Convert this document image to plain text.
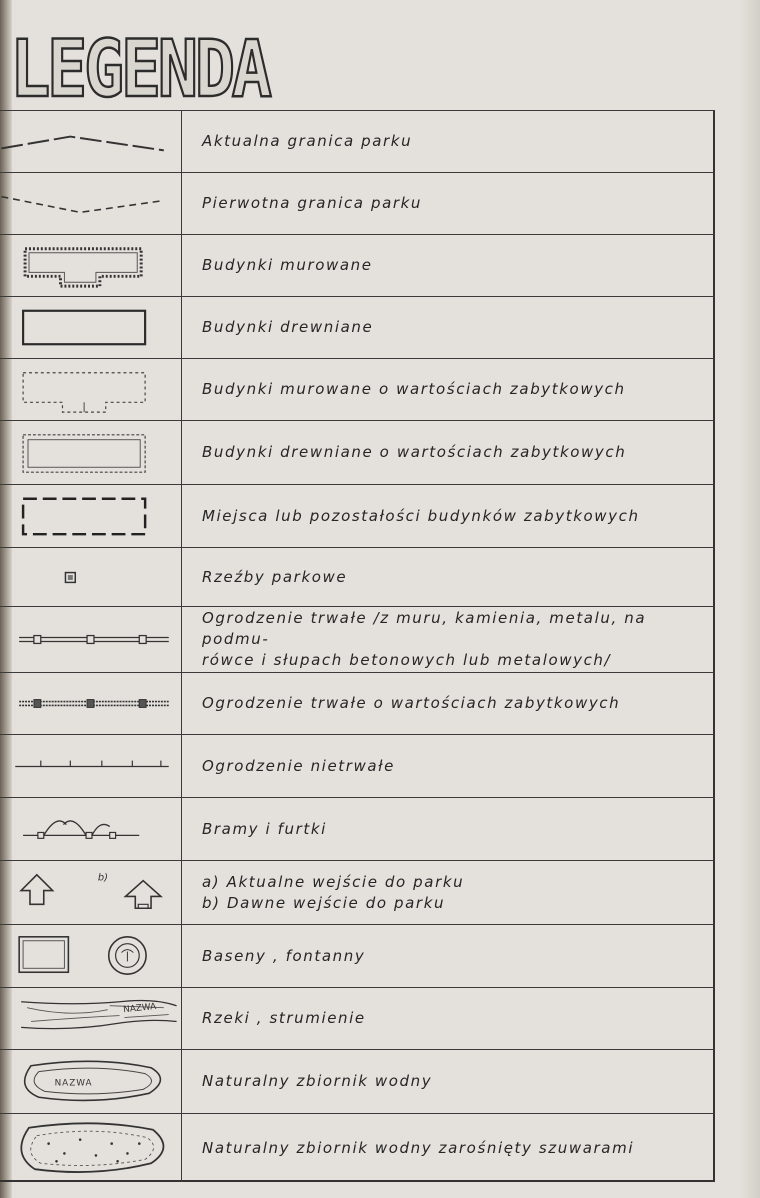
LEGENDA
Aktualna granica parku
Pierwotna granica parku
Budynki murowane
Budynki drewniane
Budynki murowane o wartościach zabytkowych
Budynki drewniane o wartościach zabytkowych
Miejsca lub pozostałości budynków zabytkowych
Rzeźby parkowe
Ogrodzenie trwałe /z muru, kamienia, metalu, na podmu-
rówce i słupach betonowych lub metalowych/
Ogrodzenie trwałe o wartościach zabytkowych
Ogrodzenie nietrwałe
Bramy i furtki
b)	a) Aktualne wejście do parku
b) Dawne wejście do parku
Baseny , fontanny
NAZWA
Rzeki , strumienie
NAZWA	Naturalny zbiornik wodny
Naturalny zbiornik wodny zarośnięty szuwarami
